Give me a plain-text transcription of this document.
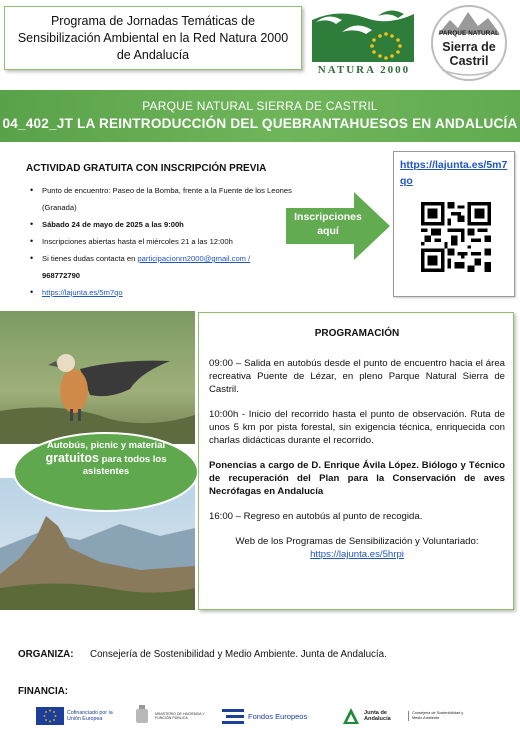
Programa de Jornadas Temáticas de Sensibilización Ambiental en la Red Natura 2000 de Andalucía
NATURA 2000
PARQUE NATURAL
Sierra de Castril
PARQUE NATURAL SIERRA DE CASTRIL
04_402_JT LA REINTRODUCCIÓN DEL QUEBRANTAHUESOS EN ANDALUCÍA
ACTIVIDAD GRATUITA CON INSCRIPCIÓN PREVIA
• Punto de encuentro: Paseo de la Bomba, frente a la Fuente de los Leones (Granada)
• Sábado 24 de mayo de 2025 a las 9:00h
• Inscripciones abiertas hasta el miércoles 21 a las 12:00h
• Si tienes dudas contacta en participacionrn2000@gmail.com /
968772790
• https://lajunta.es/5m7qo
Inscripciones aquí
https://lajunta.es/5m7qo
Autobús, picnic y material
gratuitos para todos los asistentes
PROGRAMACIÓN

09:00 – Salida en autobús desde el punto de encuentro hacia el área recreativa Puente de Lézar, en pleno Parque Natural Sierra de Castril.

10:00h - Inicio del recorrido hasta el punto de observación. Ruta de unos 5 km por pista forestal, sin exigencia técnica, enriquecida con charlas didácticas durante el recorrido.

Ponencias a cargo de D. Enrique Ávila López. Biólogo y Técnico de recuperación del Plan para la Conservación de aves Necrófagas en Andalucía

16:00 – Regreso en autobús al punto de recogida.

Web de los Programas de Sensibilización y Voluntariado:
https://lajunta.es/5hrpi
ORGANIZA: Consejería de Sostenibilidad y Medio Ambiente. Junta de Andalucía.
FINANCIA:
Cofinanciado por la Unión Europea
MINISTERIO DE HACIENDA Y FUNCIÓN PÚBLICA	Fondos Europeos	Junta de Andalucía
Consejería de Sostenibilidad y Medio Ambiente
